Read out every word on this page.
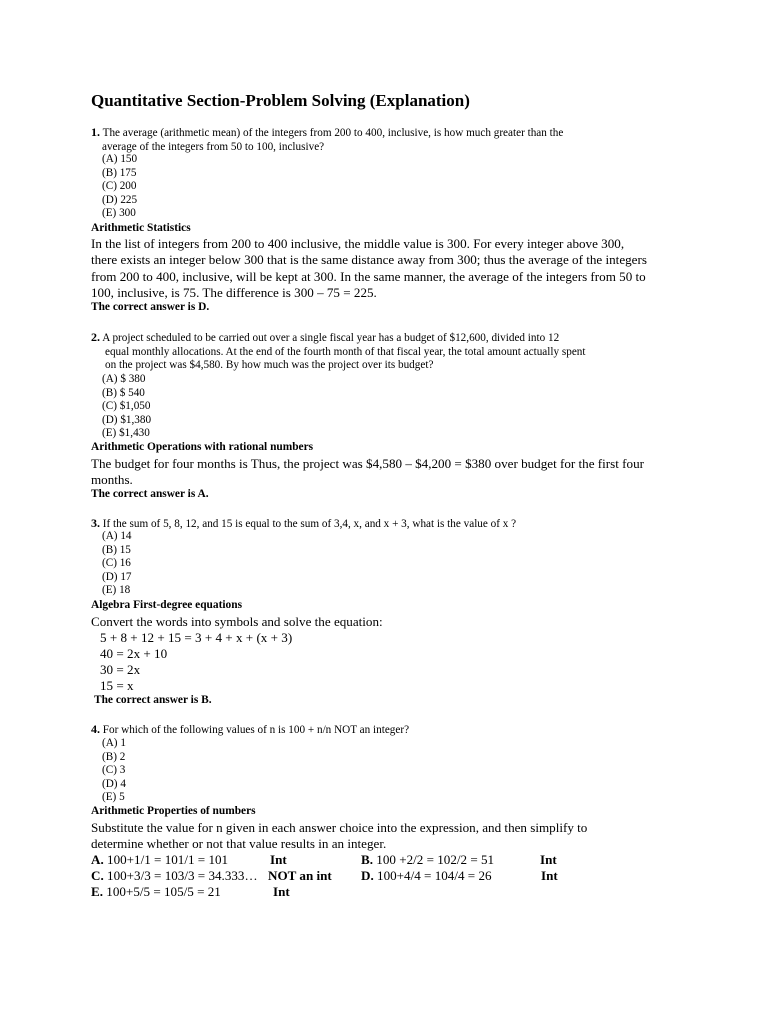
Quantitative Section-Problem Solving (Explanation)
1. The average (arithmetic mean) of the integers from 200 to 400, inclusive, is how much greater than the
average of the integers from 50 to 100, inclusive?
(A) 150
(B) 175
(C) 200
(D) 225
(E) 300
Arithmetic Statistics
In the list of integers from 200 to 400 inclusive, the middle value is 300. For every integer above 300,
there exists an integer below 300 that is the same distance away from 300; thus the average of the integers
from 200 to 400, inclusive, will be kept at 300. In the same manner, the average of the integers from 50 to
100, inclusive, is 75. The difference is 300 – 75 = 225.
The correct answer is D.
2. A project scheduled to be carried out over a single fiscal year has a budget of $12,600, divided into 12
equal monthly allocations. At the end of the fourth month of that fiscal year, the total amount actually spent
on the project was $4,580. By how much was the project over its budget?
(A) $ 380
(B) $ 540
(C) $1,050
(D) $1,380
(E) $1,430
Arithmetic Operations with rational numbers
The budget for four months is Thus, the project was $4,580 – $4,200 = $380 over budget for the first four
months.
The correct answer is A.
3. If the sum of 5, 8, 12, and 15 is equal to the sum of 3,4, x, and x + 3, what is the value of x ?
(A) 14
(B) 15
(C) 16
(D) 17
(E) 18
Algebra First-degree equations
Convert the words into symbols and solve the equation:
5 + 8 + 12 + 15 = 3 + 4 + x + (x + 3)
40 = 2x + 10
30 = 2x
15 = x
The correct answer is B.
4. For which of the following values of n is 100 + n/n NOT an integer?
(A) 1
(B) 2
(C) 3
(D) 4
(E) 5
Arithmetic Properties of numbers
Substitute the value for n given in each answer choice into the expression, and then simplify to
determine whether or not that value results in an integer.
A. 100+1/1 = 101/1 = 101	Int	B. 100 +2/2 = 102/2 = 51	Int
C. 100+3/3 = 103/3 = 34.333… NOT an int D. 100+4/4 = 104/4 = 26	Int
E. 100+5/5 = 105/5 = 21	Int
